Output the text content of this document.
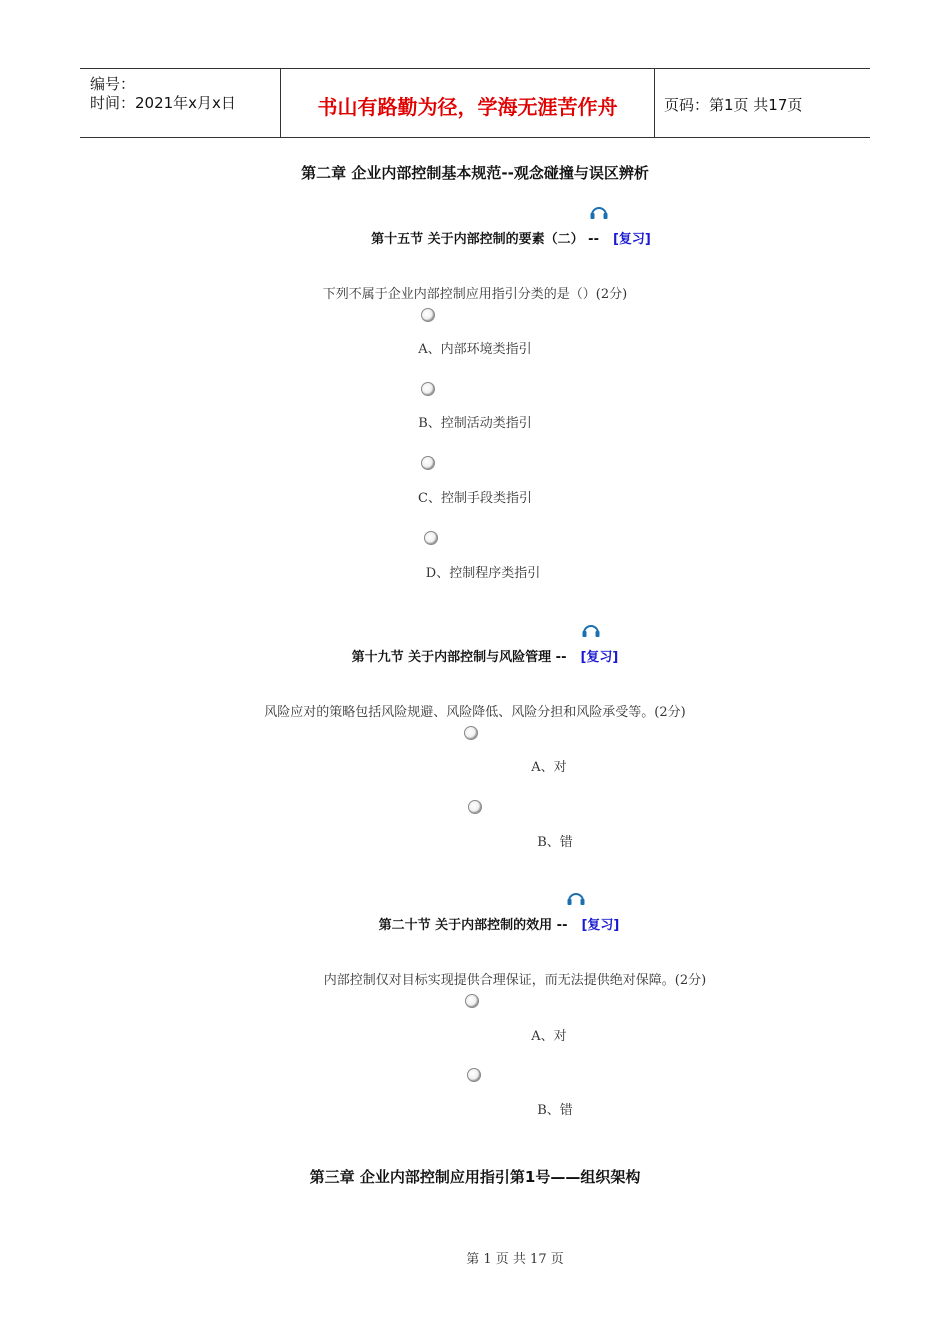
编号：
时间：2021年x月x日	书山有路勤为径，学海无涯苦作舟	页码：第1页 共17页
第二章 企业内部控制基本规范--观念碰撞与误区辨析
第十五节 关于内部控制的要素（二） -- [复习]
下列不属于企业内部控制应用指引分类的是（）(2分)
A、内部环境类指引
B、控制活动类指引
C、控制手段类指引
D、控制程序类指引
第十九节 关于内部控制与风险管理 -- [复习]
风险应对的策略包括风险规避、风险降低、风险分担和风险承受等。(2分)
A、对
B、错
第二十节 关于内部控制的效用 -- [复习]
内部控制仅对目标实现提供合理保证，而无法提供绝对保障。(2分)
A、对
B、错
第三章 企业内部控制应用指引第1号——组织架构
第 1 页 共 17 页
